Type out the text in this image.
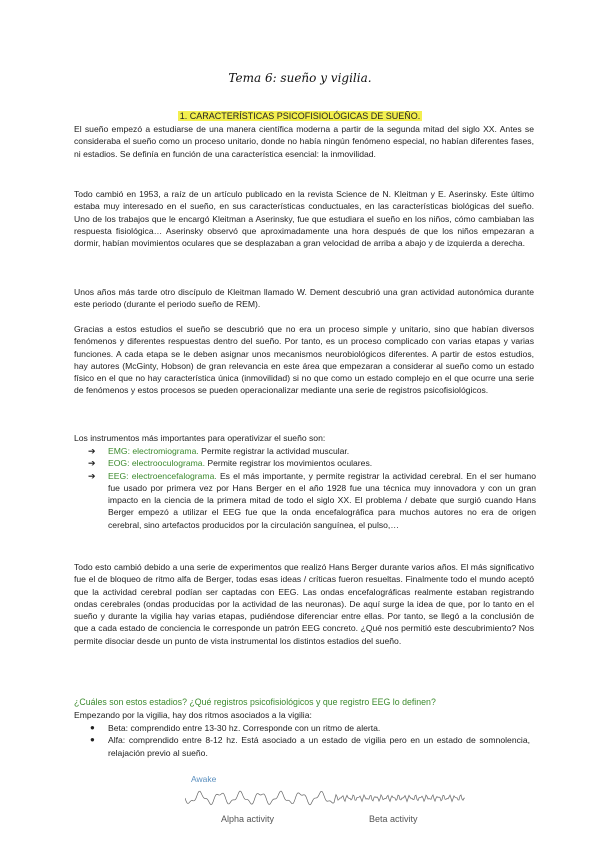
Tema 6: sueño y vigilia.
1. CARACTERÍSTICAS PSICOFISIOLÓGICAS DE SUEÑO.

El sueño empezó a estudiarse de una manera científica moderna a partir de la segunda mitad del siglo XX. Antes se consideraba el sueño como un proceso unitario, donde no había ningún fenómeno especial, no habían diferentes fases, ni estadios. Se definía en función de una característica esencial: la inmovilidad.

Todo cambió en 1953, a raíz de un artículo publicado en la revista Science de N. Kleitman y E. Aserinsky. Este último estaba muy interesado en el sueño, en sus características conductuales, en las características biológicas del sueño. Uno de los trabajos que le encargó Kleitman a Aserinsky, fue que estudiara el sueño en los niños, cómo cambiaban las respuesta fisiológica… Aserinsky observó que aproximadamente una hora después de que los niños empezaran a dormir, habían movimientos oculares que se desplazaban a gran velocidad de arriba a abajo y de izquierda a derecha.

Unos años más tarde otro discípulo de Kleitman llamado W. Dement descubrió una gran actividad autonómica durante este periodo (durante el periodo sueño de REM).

Gracias a estos estudios el sueño se descubrió que no era un proceso simple y unitario, sino que habían diversos fenómenos y diferentes respuestas dentro del sueño. Por tanto, es un proceso complicado con varias etapas y varias funciones. A cada etapa se le deben asignar unos mecanismos neurobiológicos diferentes. A partir de estos estudios, hay autores (McGinty, Hobson) de gran relevancia en este área que empezaran a considerar al sueño como un estado físico en el que no hay característica única (inmovilidad) si no que como un estado complejo en el que ocurre una serie de fenómenos y estos procesos se pueden operacionalizar mediante una serie de registros psicofisiológicos.

Los instrumentos más importantes para operativizar el sueño son:
➔ EMG: electromiograma. Permite registrar la actividad muscular.
➔ EOG: electrooculograma. Permite registrar los movimientos oculares.
➔ EEG: electroencefalograma. Es el más importante, y permite registrar la actividad cerebral. En el ser humano fue usado por primera vez por Hans Berger en el año 1928 fue una técnica muy innovadora y con un gran impacto en la ciencia de la primera mitad de todo el siglo XX. El problema / debate que surgió cuando Hans Berger empezó a utilizar el EEG fue que la onda encefalográfica para muchos autores no era de origen cerebral, sino artefactos producidos por la circulación sanguínea, el pulso,…

Todo esto cambió debido a una serie de experimentos que realizó Hans Berger durante varios años. El más significativo fue el de bloqueo de ritmo alfa de Berger, todas esas ideas / críticas fueron resueltas. Finalmente todo el mundo aceptó que la actividad cerebral podían ser captadas con EEG. Las ondas encefalográficas realmente estaban registrando ondas cerebrales (ondas producidas por la actividad de las neuronas). De aquí surge la idea de que, por lo tanto en el sueño y durante la vigilia hay varias etapas, pudiéndose diferenciar entre ellas. Por tanto, se llegó a la conclusión de que a cada estado de conciencia le corresponde un patrón EEG concreto. ¿Qué nos permitió este descubrimiento? Nos permite disociar desde un punto de vista instrumental los distintos estadios del sueño.

¿Cuáles son estos estadios? ¿Qué registros psicofisiológicos y que registro EEG lo definen?
Empezando por la vigilia, hay dos ritmos asociados a la vigilia:
● Beta: comprendido entre 13-30 hz. Corresponde con un ritmo de alerta.
● Alfa: comprendido entre 8-12 hz. Está asociado a un estado de vigilia pero en un estado de somnolencia, relajación previo al sueño.
Awake
Alpha activity	Beta activity
